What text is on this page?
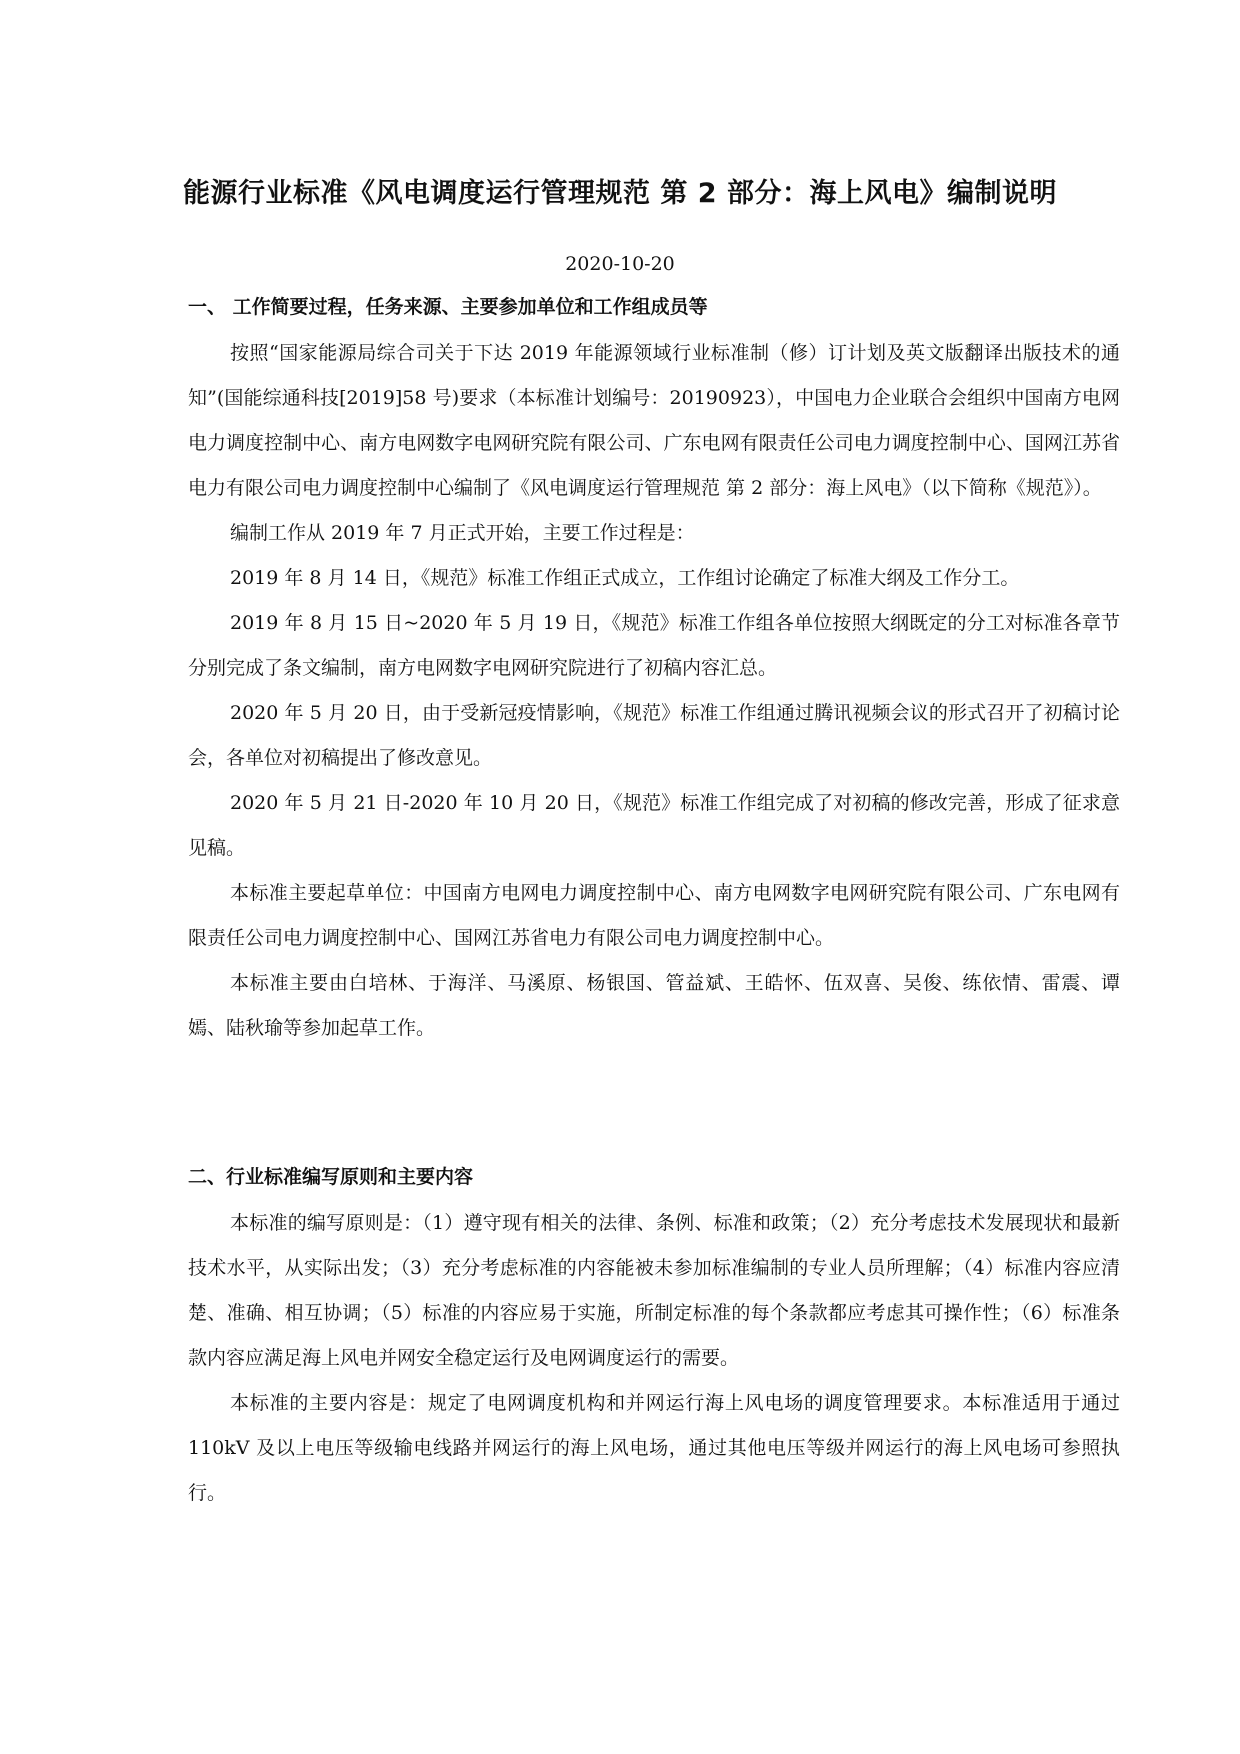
能源行业标准《风电调度运行管理规范 第 2 部分：海上风电》编制说明
2020-10-20

一、 工作简要过程，任务来源、主要参加单位和工作组成员等

按照“国家能源局综合司关于下达 2019 年能源领域行业标准制（修）订计划及英文版翻译出版技术的通知”(国能综通科技[2019]58 号)要求（本标准计划编号：20190923），中国电力企业联合会组织中国南方电网电力调度控制中心、南方电网数字电网研究院有限公司、广东电网有限责任公司电力调度控制中心、国网江苏省电力有限公司电力调度控制中心编制了《风电调度运行管理规范 第 2 部分：海上风电》（以下简称《规范》）。

编制工作从 2019 年 7 月正式开始，主要工作过程是：

2019 年 8 月 14 日，《规范》标准工作组正式成立，工作组讨论确定了标准大纲及工作分工。

2019 年 8 月 15 日~2020 年 5 月 19 日，《规范》标准工作组各单位按照大纲既定的分工对标准各章节分别完成了条文编制，南方电网数字电网研究院进行了初稿内容汇总。

2020 年 5 月 20 日，由于受新冠疫情影响，《规范》标准工作组通过腾讯视频会议的形式召开了初稿讨论会，各单位对初稿提出了修改意见。

2020 年 5 月 21 日-2020 年 10 月 20 日，《规范》标准工作组完成了对初稿的修改完善，形成了征求意见稿。

本标准主要起草单位：中国南方电网电力调度控制中心、南方电网数字电网研究院有限公司、广东电网有限责任公司电力调度控制中心、国网江苏省电力有限公司电力调度控制中心。

本标准主要由白培林、于海洋、马溪原、杨银国、管益斌、王皓怀、伍双喜、吴俊、练依情、雷震、谭嫣、陆秋瑜等参加起草工作。

二、行业标准编写原则和主要内容

本标准的编写原则是：（1）遵守现有相关的法律、条例、标准和政策；（2）充分考虑技术发展现状和最新技术水平，从实际出发；（3）充分考虑标准的内容能被未参加标准编制的专业人员所理解；（4）标准内容应清楚、准确、相互协调；（5）标准的内容应易于实施，所制定标准的每个条款都应考虑其可操作性；（6）标准条款内容应满足海上风电并网安全稳定运行及电网调度运行的需要。

本标准的主要内容是：规定了电网调度机构和并网运行海上风电场的调度管理要求。本标准适用于通过 110kV 及以上电压等级输电线路并网运行的海上风电场，通过其他电压等级并网运行的海上风电场可参照执行。
